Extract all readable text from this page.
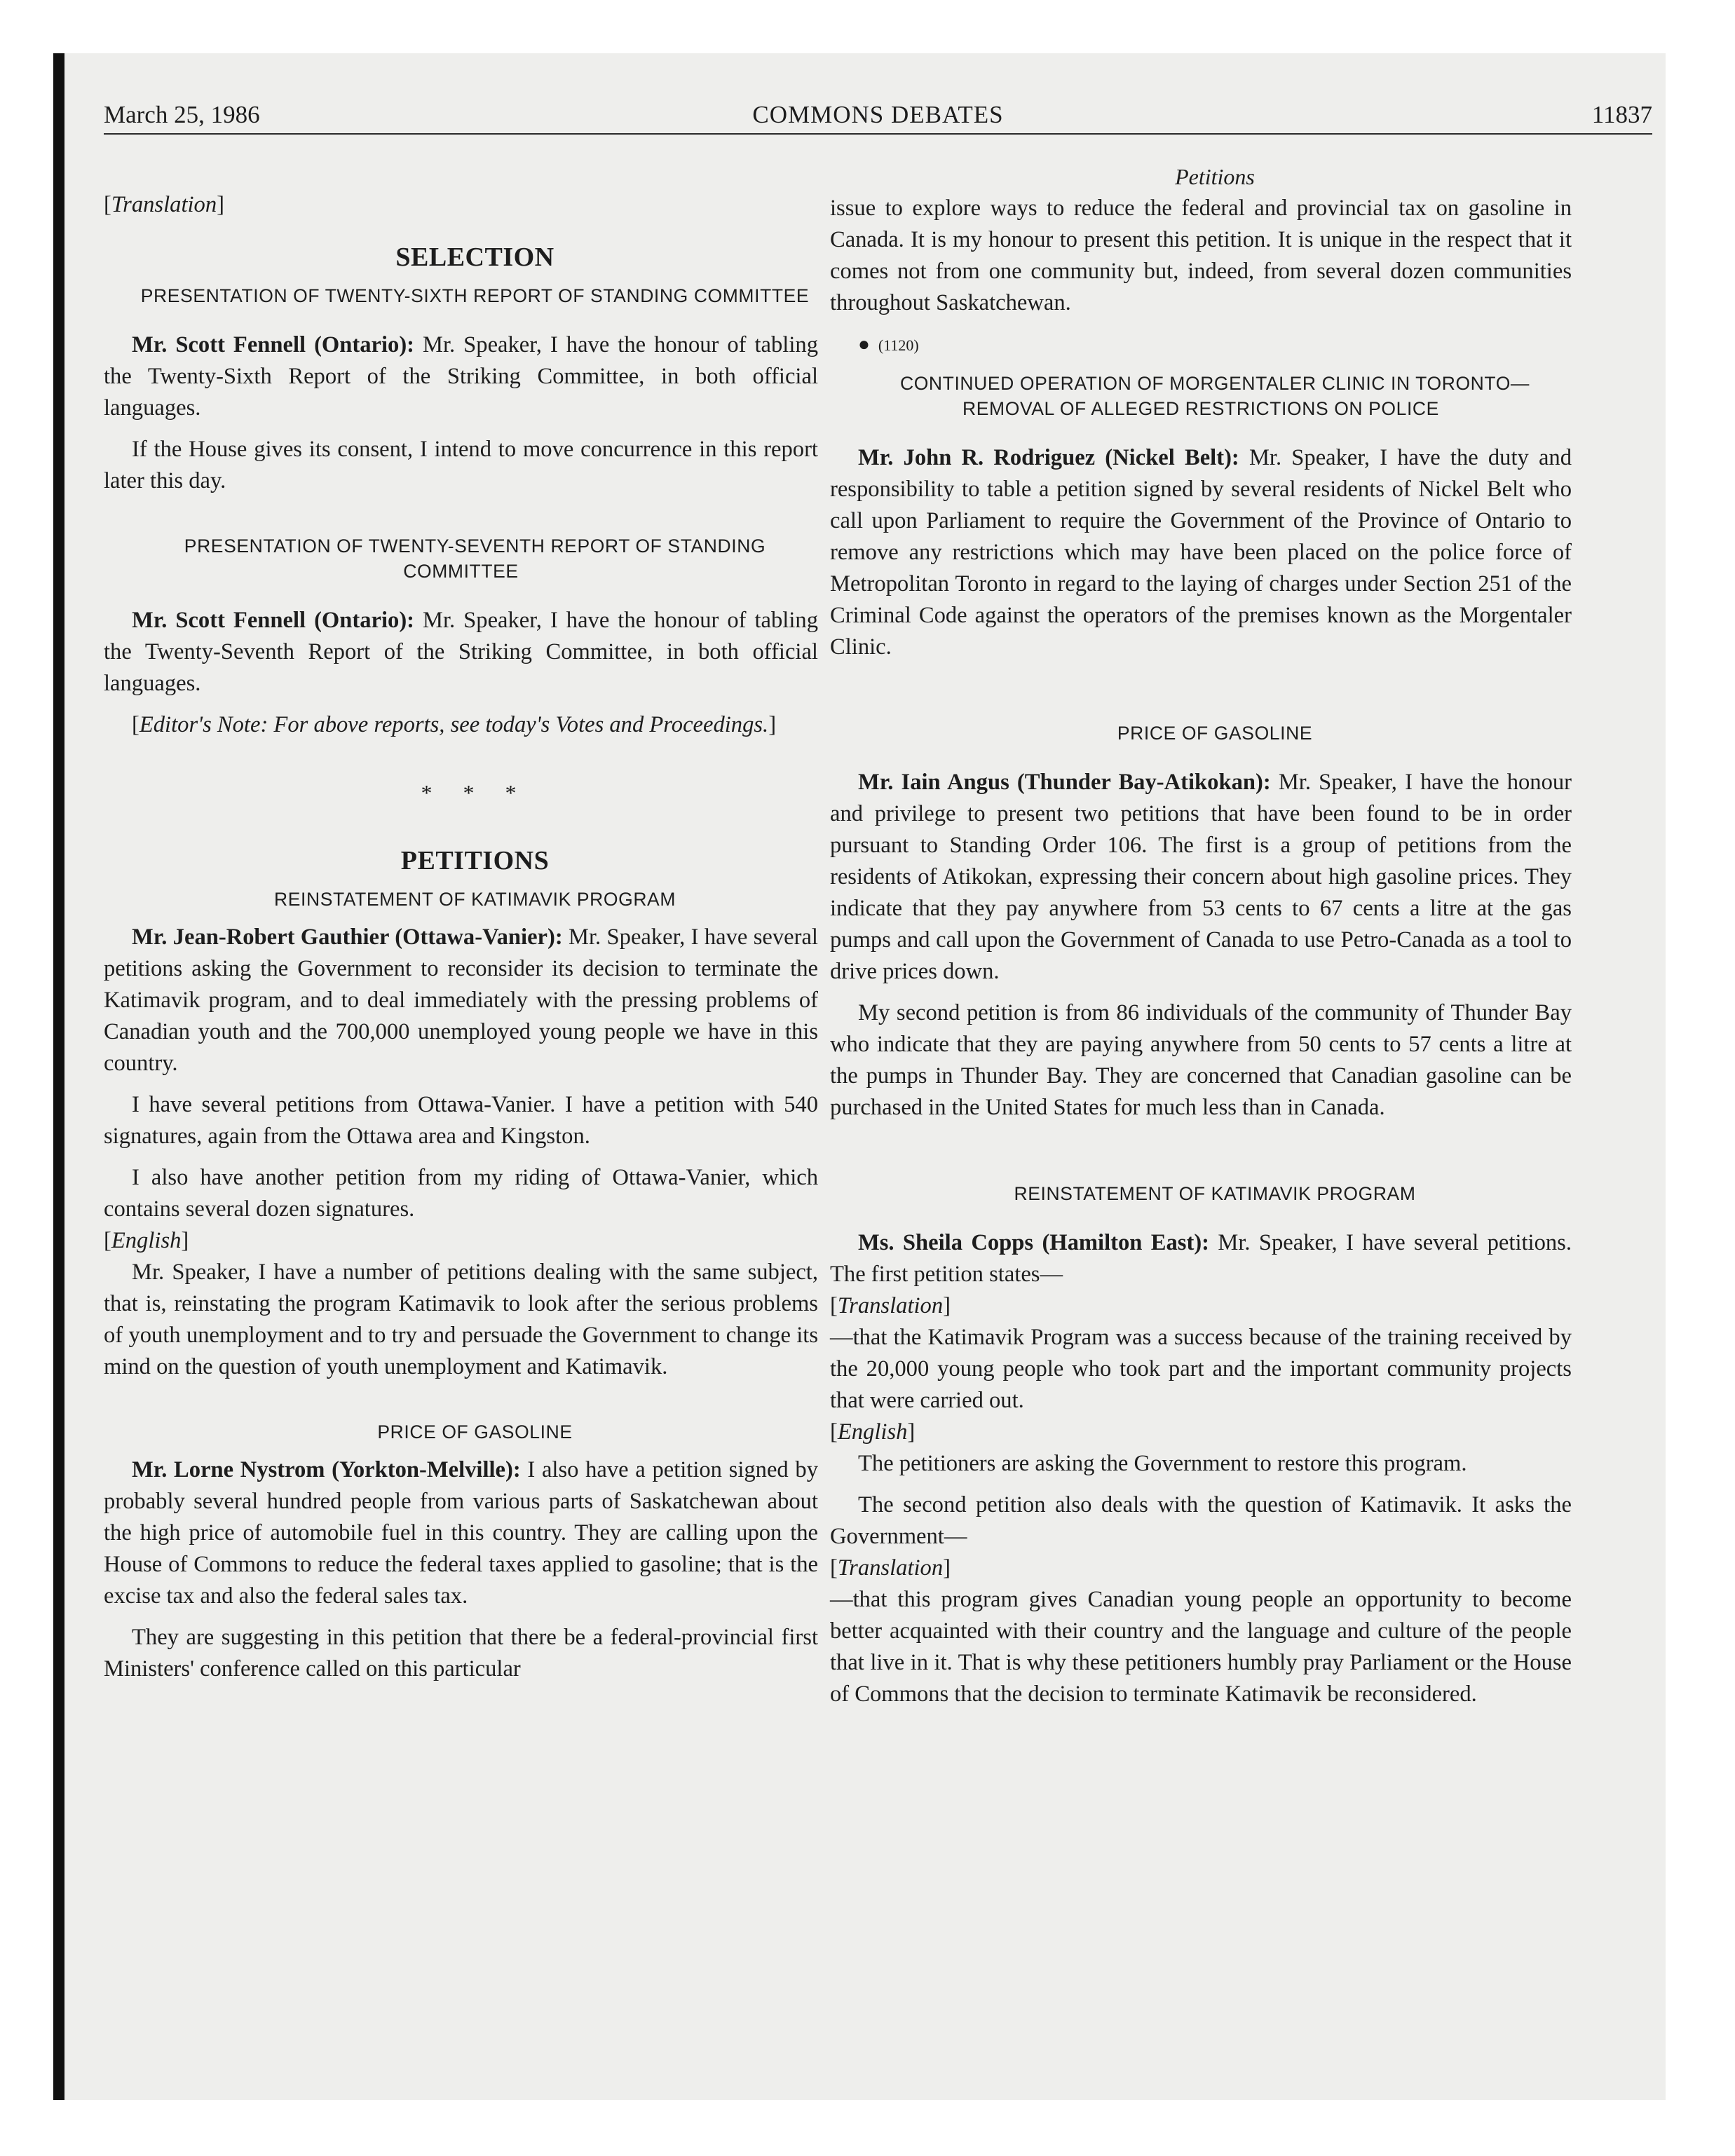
March 25, 1986	COMMONS DEBATES	11837

[Translation]

SELECTION

PRESENTATION OF TWENTY-SIXTH REPORT OF STANDING COMMITTEE

Mr. Scott Fennell (Ontario): Mr. Speaker, I have the honour of tabling the Twenty-Sixth Report of the Striking Committee, in both official languages.

If the House gives its consent, I intend to move concurrence in this report later this day.

PRESENTATION OF TWENTY-SEVENTH REPORT OF STANDING COMMITTEE

Mr. Scott Fennell (Ontario): Mr. Speaker, I have the honour of tabling the Twenty-Seventh Report of the Striking Committee, in both official languages.

[Editor's Note: For above reports, see today's Votes and Proceedings.]

* * *

PETITIONS

REINSTATEMENT OF KATIMAVIK PROGRAM

Mr. Jean-Robert Gauthier (Ottawa-Vanier): Mr. Speaker, I have several petitions asking the Government to reconsider its decision to terminate the Katimavik program, and to deal immediately with the pressing problems of Canadian youth and the 700,000 unemployed young people we have in this country.

I have several petitions from Ottawa-Vanier. I have a petition with 540 signatures, again from the Ottawa area and Kingston.

I also have another petition from my riding of Ottawa-Vanier, which contains several dozen signatures.

[English]

Mr. Speaker, I have a number of petitions dealing with the same subject, that is, reinstating the program Katimavik to look after the serious problems of youth unemployment and to try and persuade the Government to change its mind on the question of youth unemployment and Katimavik.

PRICE OF GASOLINE

Mr. Lorne Nystrom (Yorkton-Melville): I also have a petition signed by probably several hundred people from various parts of Saskatchewan about the high price of automobile fuel in this country. They are calling upon the House of Commons to reduce the federal taxes applied to gasoline; that is the excise tax and also the federal sales tax.

They are suggesting in this petition that there be a federal-provincial first Ministers' conference called on this particular

Petitions

issue to explore ways to reduce the federal and provincial tax on gasoline in Canada. It is my honour to present this petition. It is unique in the respect that it comes not from one community but, indeed, from several dozen communities throughout Saskatchewan.

● (1120)

CONTINUED OPERATION OF MORGENTALER CLINIC IN TORONTO—REMOVAL OF ALLEGED RESTRICTIONS ON POLICE

Mr. John R. Rodriguez (Nickel Belt): Mr. Speaker, I have the duty and responsibility to table a petition signed by several residents of Nickel Belt who call upon Parliament to require the Government of the Province of Ontario to remove any restrictions which may have been placed on the police force of Metropolitan Toronto in regard to the laying of charges under Section 251 of the Criminal Code against the operators of the premises known as the Morgentaler Clinic.

PRICE OF GASOLINE

Mr. Iain Angus (Thunder Bay-Atikokan): Mr. Speaker, I have the honour and privilege to present two petitions that have been found to be in order pursuant to Standing Order 106. The first is a group of petitions from the residents of Atikokan, expressing their concern about high gasoline prices. They indicate that they pay anywhere from 53 cents to 67 cents a litre at the gas pumps and call upon the Government of Canada to use Petro-Canada as a tool to drive prices down.

My second petition is from 86 individuals of the community of Thunder Bay who indicate that they are paying anywhere from 50 cents to 57 cents a litre at the pumps in Thunder Bay. They are concerned that Canadian gasoline can be purchased in the United States for much less than in Canada.

REINSTATEMENT OF KATIMAVIK PROGRAM

Ms. Sheila Copps (Hamilton East): Mr. Speaker, I have several petitions. The first petition states—

[Translation]

—that the Katimavik Program was a success because of the training received by the 20,000 young people who took part and the important community projects that were carried out.

[English]

The petitioners are asking the Government to restore this program.

The second petition also deals with the question of Katimavik. It asks the Government—

[Translation]

—that this program gives Canadian young people an opportunity to become better acquainted with their country and the language and culture of the people that live in it. That is why these petitioners humbly pray Parliament or the House of Commons that the decision to terminate Katimavik be reconsidered.
